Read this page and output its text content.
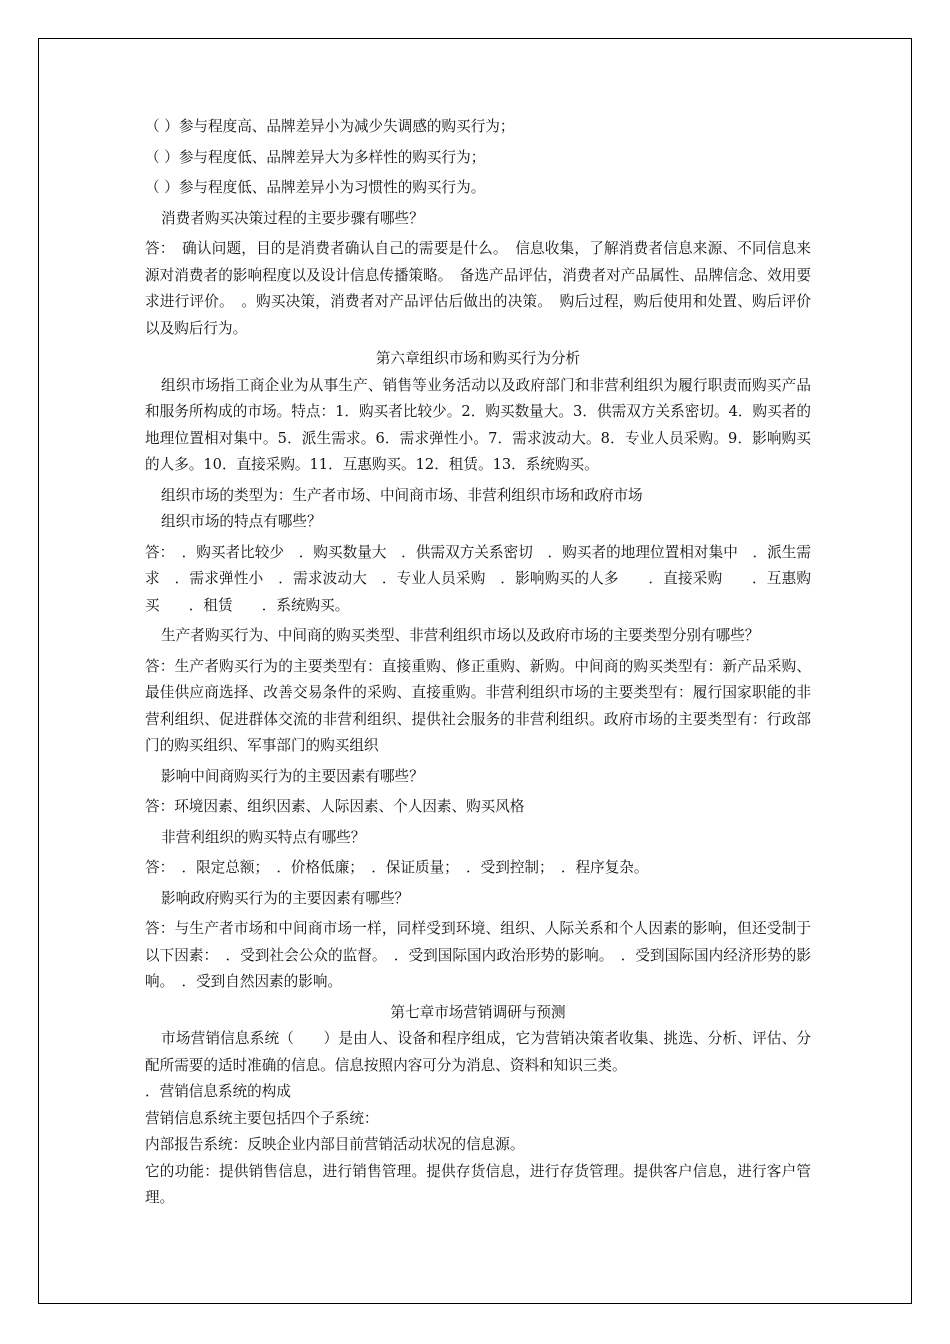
（ ）参与程度高、品牌差异小为减少失调感的购买行为；

（ ）参与程度低、品牌差异大为多样性的购买行为；

（ ）参与程度低、品牌差异小为习惯性的购买行为。

消费者购买决策过程的主要步骤有哪些？

答：　确认问题，目的是消费者确认自己的需要是什么。　信息收集，了解消费者信息来源、不同信息来源对消费者的影响程度以及设计信息传播策略。　备选产品评估，消费者对产品属性、品牌信念、效用要求进行评价。　。购买决策，消费者对产品评估后做出的决策。　购后过程，购后使用和处置、购后评价以及购后行为。

第六章组织市场和购买行为分析

组织市场指工商企业为从事生产、销售等业务活动以及政府部门和非营利组织为履行职责而购买产品和服务所构成的市场。特点：1．购买者比较少。2．购买数量大。3．供需双方关系密切。4．购买者的地理位置相对集中。5．派生需求。6．需求弹性小。7．需求波动大。8．专业人员采购。9．影响购买的人多。10．直接采购。11．互惠购买。12．租赁。13．系统购买。

组织市场的类型为：生产者市场、中间商市场、非营利组织市场和政府市场

组织市场的特点有哪些？

答：　．购买者比较少　．购买数量大　．供需双方关系密切　．购买者的地理位置相对集中　．派生需求　．需求弹性小　．需求波动大　．专业人员采购　．影响购买的人多　　．直接采购　　．互惠购买　　．租赁　　．系统购买。

生产者购买行为、中间商的购买类型、非营利组织市场以及政府市场的主要类型分别有哪些？

答：生产者购买行为的主要类型有：直接重购、修正重购、新购。中间商的购买类型有：新产品采购、最佳供应商选择、改善交易条件的采购、直接重购。非营利组织市场的主要类型有：履行国家职能的非营利组织、促进群体交流的非营利组织、提供社会服务的非营利组织。政府市场的主要类型有：行政部门的购买组织、军事部门的购买组织

影响中间商购买行为的主要因素有哪些？

答：环境因素、组织因素、人际因素、个人因素、购买风格

非营利组织的购买特点有哪些？

答：　．限定总额；　．价格低廉；　．保证质量；　．受到控制；　．程序复杂。

影响政府购买行为的主要因素有哪些？

答：与生产者市场和中间商市场一样，同样受到环境、组织、人际关系和个人因素的影响，但还受制于以下因素：　．受到社会公众的监督。　．受到国际国内政治形势的影响。　．受到国际国内经济形势的影响。　．受到自然因素的影响。

第七章市场营销调研与预测

市场营销信息系统（　　）是由人、设备和程序组成，它为营销决策者收集、挑选、分析、评估、分配所需要的适时准确的信息。信息按照内容可分为消息、资料和知识三类。

．营销信息系统的构成

营销信息系统主要包括四个子系统：

内部报告系统：反映企业内部目前营销活动状况的信息源。

它的功能：提供销售信息，进行销售管理。提供存货信息，进行存货管理。提供客户信息，进行客户管理。
